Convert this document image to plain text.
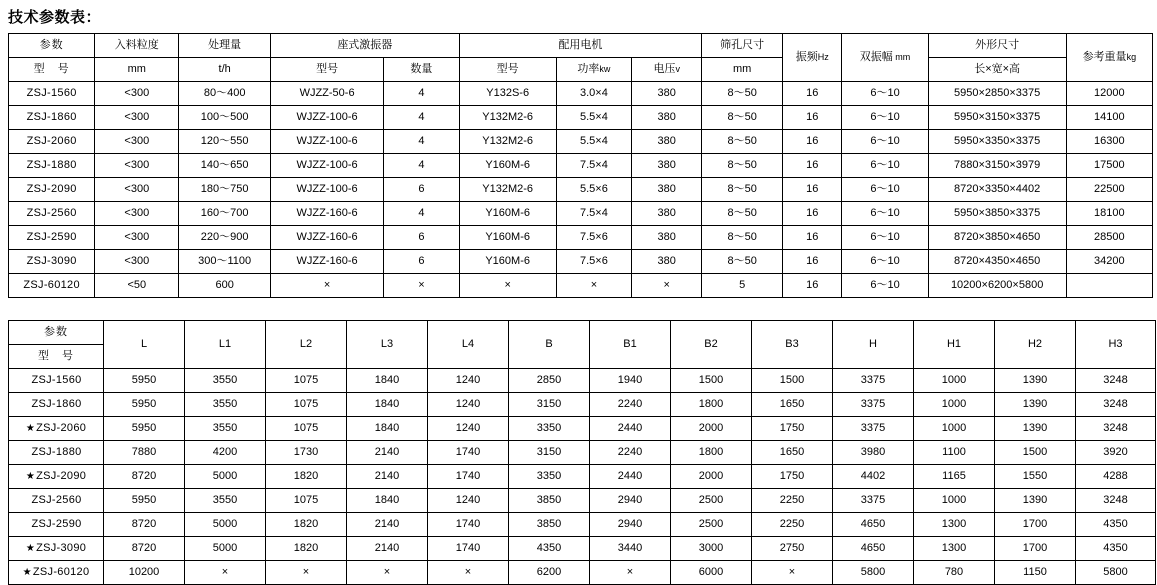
技术参数表：
参数	入料粒度	处理量	座式激振器		配用电机			筛孔尺寸	振频Hz	双振幅 mm	外形尺寸	参考重量kg
型　号	mm	t/h	型号	数量	型号	功率kw	电压v	mm			长×宽×高	
ZSJ-1560	<300	80～400	WJZZ-50-6	4	Y132S-6	3.0×4	380	8～50	16	6～10	5950×2850×3375	12000
ZSJ-1860	<300	100～500	WJZZ-100-6	4	Y132M2-6	5.5×4	380	8～50	16	6～10	5950×3150×3375	14100
ZSJ-2060	<300	120～550	WJZZ-100-6	4	Y132M2-6	5.5×4	380	8～50	16	6～10	5950×3350×3375	16300
ZSJ-1880	<300	140～650	WJZZ-100-6	4	Y160M-6	7.5×4	380	8～50	16	6～10	7880×3150×3979	17500
ZSJ-2090	<300	180～750	WJZZ-100-6	6	Y132M2-6	5.5×6	380	8～50	16	6～10	8720×3350×4402	22500
ZSJ-2560	<300	160～700	WJZZ-160-6	4	Y160M-6	7.5×4	380	8～50	16	6～10	5950×3850×3375	18100
ZSJ-2590	<300	220～900	WJZZ-160-6	6	Y160M-6	7.5×6	380	8～50	16	6～10	8720×3850×4650	28500
ZSJ-3090	<300	300～1100	WJZZ-160-6	6	Y160M-6	7.5×6	380	8～50	16	6～10	8720×4350×4650	34200
ZSJ-60120	<50	600	×	×	×	×	×	5	16	6～10	10200×6200×5800	
参数	L	L1	L2	L3	L4	B	B1	B2	B3	H	H1	H2	H3
型　号													
ZSJ-1560	5950	3550	1075	1840	1240	2850	1940	1500	1500	3375	1000	1390	3248
ZSJ-1860	5950	3550	1075	1840	1240	3150	2240	1800	1650	3375	1000	1390	3248
★ZSJ-2060	5950	3550	1075	1840	1240	3350	2440	2000	1750	3375	1000	1390	3248
ZSJ-1880	7880	4200	1730	2140	1740	3150	2240	1800	1650	3980	1100	1500	3920
★ZSJ-2090	8720	5000	1820	2140	1740	3350	2440	2000	1750	4402	1165	1550	4288
ZSJ-2560	5950	3550	1075	1840	1240	3850	2940	2500	2250	3375	1000	1390	3248
ZSJ-2590	8720	5000	1820	2140	1740	3850	2940	2500	2250	4650	1300	1700	4350
★ZSJ-3090	8720	5000	1820	2140	1740	4350	3440	3000	2750	4650	1300	1700	4350
★ZSJ-60120	10200	×	×	×	×	6200	×	6000	×	5800	780	1150	5800
